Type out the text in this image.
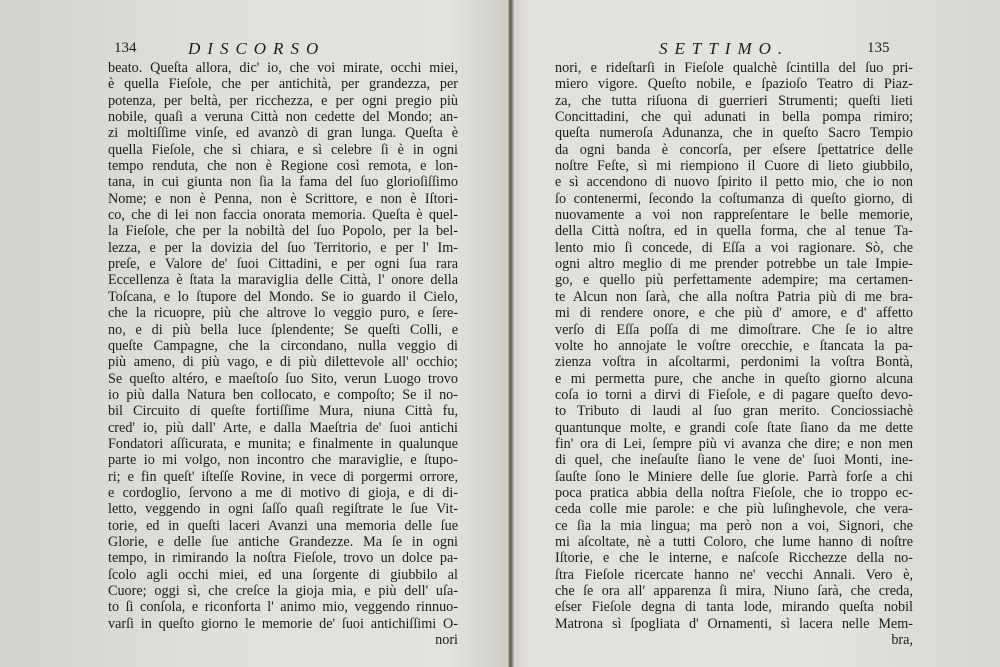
134	DISCORSO
beato. Queſta allora, dic' io, che voi mirate, occhi miei,
è quella Fieſole, che per antichità, per grandezza, per
potenza, per beltà, per ricchezza, e per ogni pregio più
nobile, quaſi a veruna Città non cedette del Mondo; an-
zi moltiſſime vinſe, ed avanzò di gran lunga. Queſta è
quella Fieſole, che sì chiara, e sì celebre ſi è in ogni
tempo renduta, che non è Regione così remota, e lon-
tana, in cui giunta non ſia la fama del ſuo glorioſiſſimo
Nome; e non è Penna, non è Scrittore, e non è Iſtori-
co, che di lei non faccia onorata memoria. Queſta è quel-
la Fieſole, che per la nobiltà del ſuo Popolo, per la bel-
lezza, e per la dovizia del ſuo Territorio, e per l' Im-
preſe, e Valore de' ſuoi Cittadini, e per ogni ſua rara
Eccellenza è ſtata la maraviglia delle Città, l' onore della
Toſcana, e lo ſtupore del Mondo. Se io guardo il Cielo,
che la ricuopre, più che altrove lo veggio puro, e ſere-
no, e di più bella luce ſplendente; Se queſti Colli, e
queſte Campagne, che la circondano, nulla veggio di
più ameno, di più vago, e di più dilettevole all' occhio;
Se queſto altéro, e maeſtoſo ſuo Sito, verun Luogo trovo
io più dalla Natura ben collocato, e compoſto; Se il no-
bil Circuito di queſte fortiſſime Mura, niuna Città fu,
cred' io, più dall' Arte, e dalla Maeſtria de' ſuoi antichi
Fondatori aſſicurata, e munita; e finalmente in qualunque
parte io mi volgo, non incontro che maraviglie, e ſtupo-
ri; e fin queſt' iſteſſe Rovine, in vece di porgermi orrore,
e cordoglio, ſervono a me di motivo di gioja, e di di-
letto, veggendo in ogni ſaſſo quaſi regiſtrate le ſue Vit-
torie, ed in queſti laceri Avanzi una memoria delle ſue
Glorie, e delle ſue antiche Grandezze. Ma ſe in ogni
tempo, in rimirando la noſtra Fieſole, trovo un dolce pa-
ſcolo agli occhi miei, ed una ſorgente di giubbilo al
Cuore; oggi sì, che creſce la gioja mia, e più dell' uſa-
to ſi conſola, e riconforta l' animo mio, veggendo rinnuo-
varſi in queſto giorno le memorie de' ſuoi antichiſſimi O-
nori
SETTIMO.	135
nori, e rideſtarſi in Fieſole qualchè ſcintilla del ſuo pri-
miero vigore. Queſto nobile, e ſpazioſo Teatro di Piaz-
za, che tutta riſuona di guerrieri Strumenti; queſti lieti
Concittadini, che quì adunati in bella pompa rimiro;
queſta numeroſa Adunanza, che in queſto Sacro Tempio
da ogni banda è concorſa, per eſsere ſpettatrice delle
noſtre Feſte, sì mi riempiono il Cuore di lieto giubbilo,
e sì accendono di nuovo ſpirito il petto mio, che io non
ſo contenermi, ſecondo la coſtumanza di queſto giorno, di
nuovamente a voi non rappreſentare le belle memorie,
della Città noſtra, ed in quella forma, che al tenue Ta-
lento mio ſi concede, di Eſſa a voi ragionare. Sò, che
ogni altro meglio di me prender potrebbe un tale Impie-
go, e quello più perfettamente adempire; ma certamen-
te Alcun non ſarà, che alla noſtra Patria più di me bra-
mi di rendere onore, e che più d' amore, e d' affetto
verſo di Eſſa poſſa di me dimoſtrare. Che ſe io altre
volte ho annojate le voſtre orecchie, e ſtancata la pa-
zienza voſtra in aſcoltarmi, perdonimi la voſtra Bontà,
e mi permetta pure, che anche in queſto giorno alcuna
coſa io torni a dirvi di Fieſole, e di pagare queſto devo-
to Tributo di laudi al ſuo gran merito. Conciossiachè
quantunque molte, e grandi coſe ſtate ſiano da me dette
fin' ora di Lei, ſempre più vi avanza che dire; e non men
di quel, che ineſauſte ſiano le vene de' ſuoi Monti, ine-
ſauſte ſono le Miniere delle ſue glorie. Parrà forſe a chi
poca pratica abbia della noſtra Fieſole, che io troppo ec-
ceda colle mie parole: e che più luſinghevole, che vera-
ce ſia la mia lingua; ma però non a voi, Signori, che
mi aſcoltate, nè a tutti Coloro, che lume hanno di noſtre
Iſtorie, e che le interne, e naſcoſe Ricchezze della no-
ſtra Fieſole ricercate hanno ne' vecchi Annali. Vero è,
che ſe ora all' apparenza ſi mira, Niuno ſarà, che creda,
eſser Fieſole degna di tanta lode, mirando queſta nobil
Matrona sì ſpogliata d' Ornamenti, sì lacera nelle Mem-
bra,
